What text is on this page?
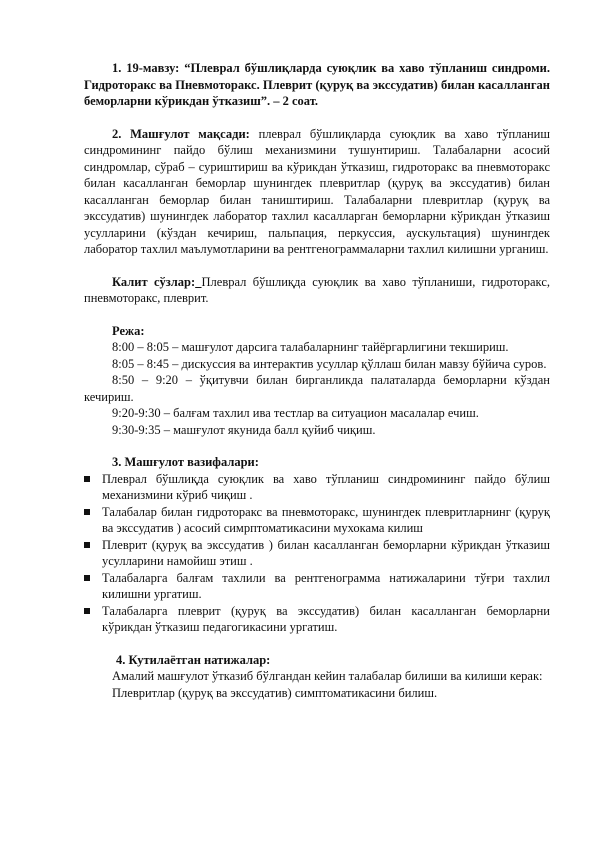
1. 19-мавзу: “Плеврал бўшлиқларда суюқлик ва хаво тўпланиш синдроми. Гидроторакс ва Пневмоторакс. Плеврит (қуруқ ва экссудатив) билан касалланган беморларни кўрикдан ўтказиш”. – 2 соат.

2. Машғулот мақсади: плеврал бўшлиқларда суюқлик ва хаво тўпланиш синдромининг пайдо бўлиш механизмини тушунтириш. Талабаларни асосий синдромлар, сўраб – суриштириш ва кўрикдан ўтказиш, гидроторакс ва пневмоторакс билан касалланган беморлар шунингдек плевритлар (қуруқ ва экссудатив) билан касалланган беморлар билан таништириш. Талабаларни плевритлар (қуруқ ва экссудатив) шунингдек лаборатор тахлил касалларган беморларни кўрикдан ўтказиш усулларини (кўздан кечириш, пальпация, перкуссия, аускультация) шунингдек лаборатор тахлил маълумотларини ва рентгенограммаларни тахлил килишни урганиш.

Калит сўзлар: Плеврал бўшлиқда суюқлик ва хаво тўпланиши, гидроторакс, пневмоторакс, плеврит.

Режа:

8:00 – 8:05 – машғулот дарсига талабаларнинг тайёргарлигини текшириш.

8:05 – 8:45 – дискуссия ва интерактив усуллар қўллаш билан мавзу бўйича суров.

8:50 – 9:20 – ўқитувчи билан бирганликда палаталарда беморларни кўздан кечириш.

9:20-9:30 – балғам тахлил ива тестлар ва ситуацион масалалар ечиш.

9:30-9:35 – машғулот якунида балл қуйиб чиқиш.

3. Машғулот вазифалари:

Плеврал бўшлиқда суюқлик ва хаво тўпланиш синдромининг пайдо бўлиш механизмини кўриб чиқиш .
Талабалар билан гидроторакс ва пневмоторакс, шунингдек плевритларнинг (қуруқ ва экссудатив ) асосий симрптоматикасини мухокама килиш
Плеврит (қуруқ ва экссудатив ) билан касалланган беморларни кўрикдан ўтказиш усулларини намойиш этиш .
Талабаларга балғам тахлили ва рентгенограмма натижаларини тўғри тахлил килишни ургатиш.
Талабаларга плеврит (қуруқ ва экссудатив) билан касалланган беморларни кўрикдан ўтказиш педагогикасини ургатиш.

4. Кутилаётган натижалар:

Амалий машғулот ўтказиб бўлгандан кейин талабалар билиши ва килиши керак:

Плевритлар (қуруқ ва экссудатив) симптоматикасини билиш.
